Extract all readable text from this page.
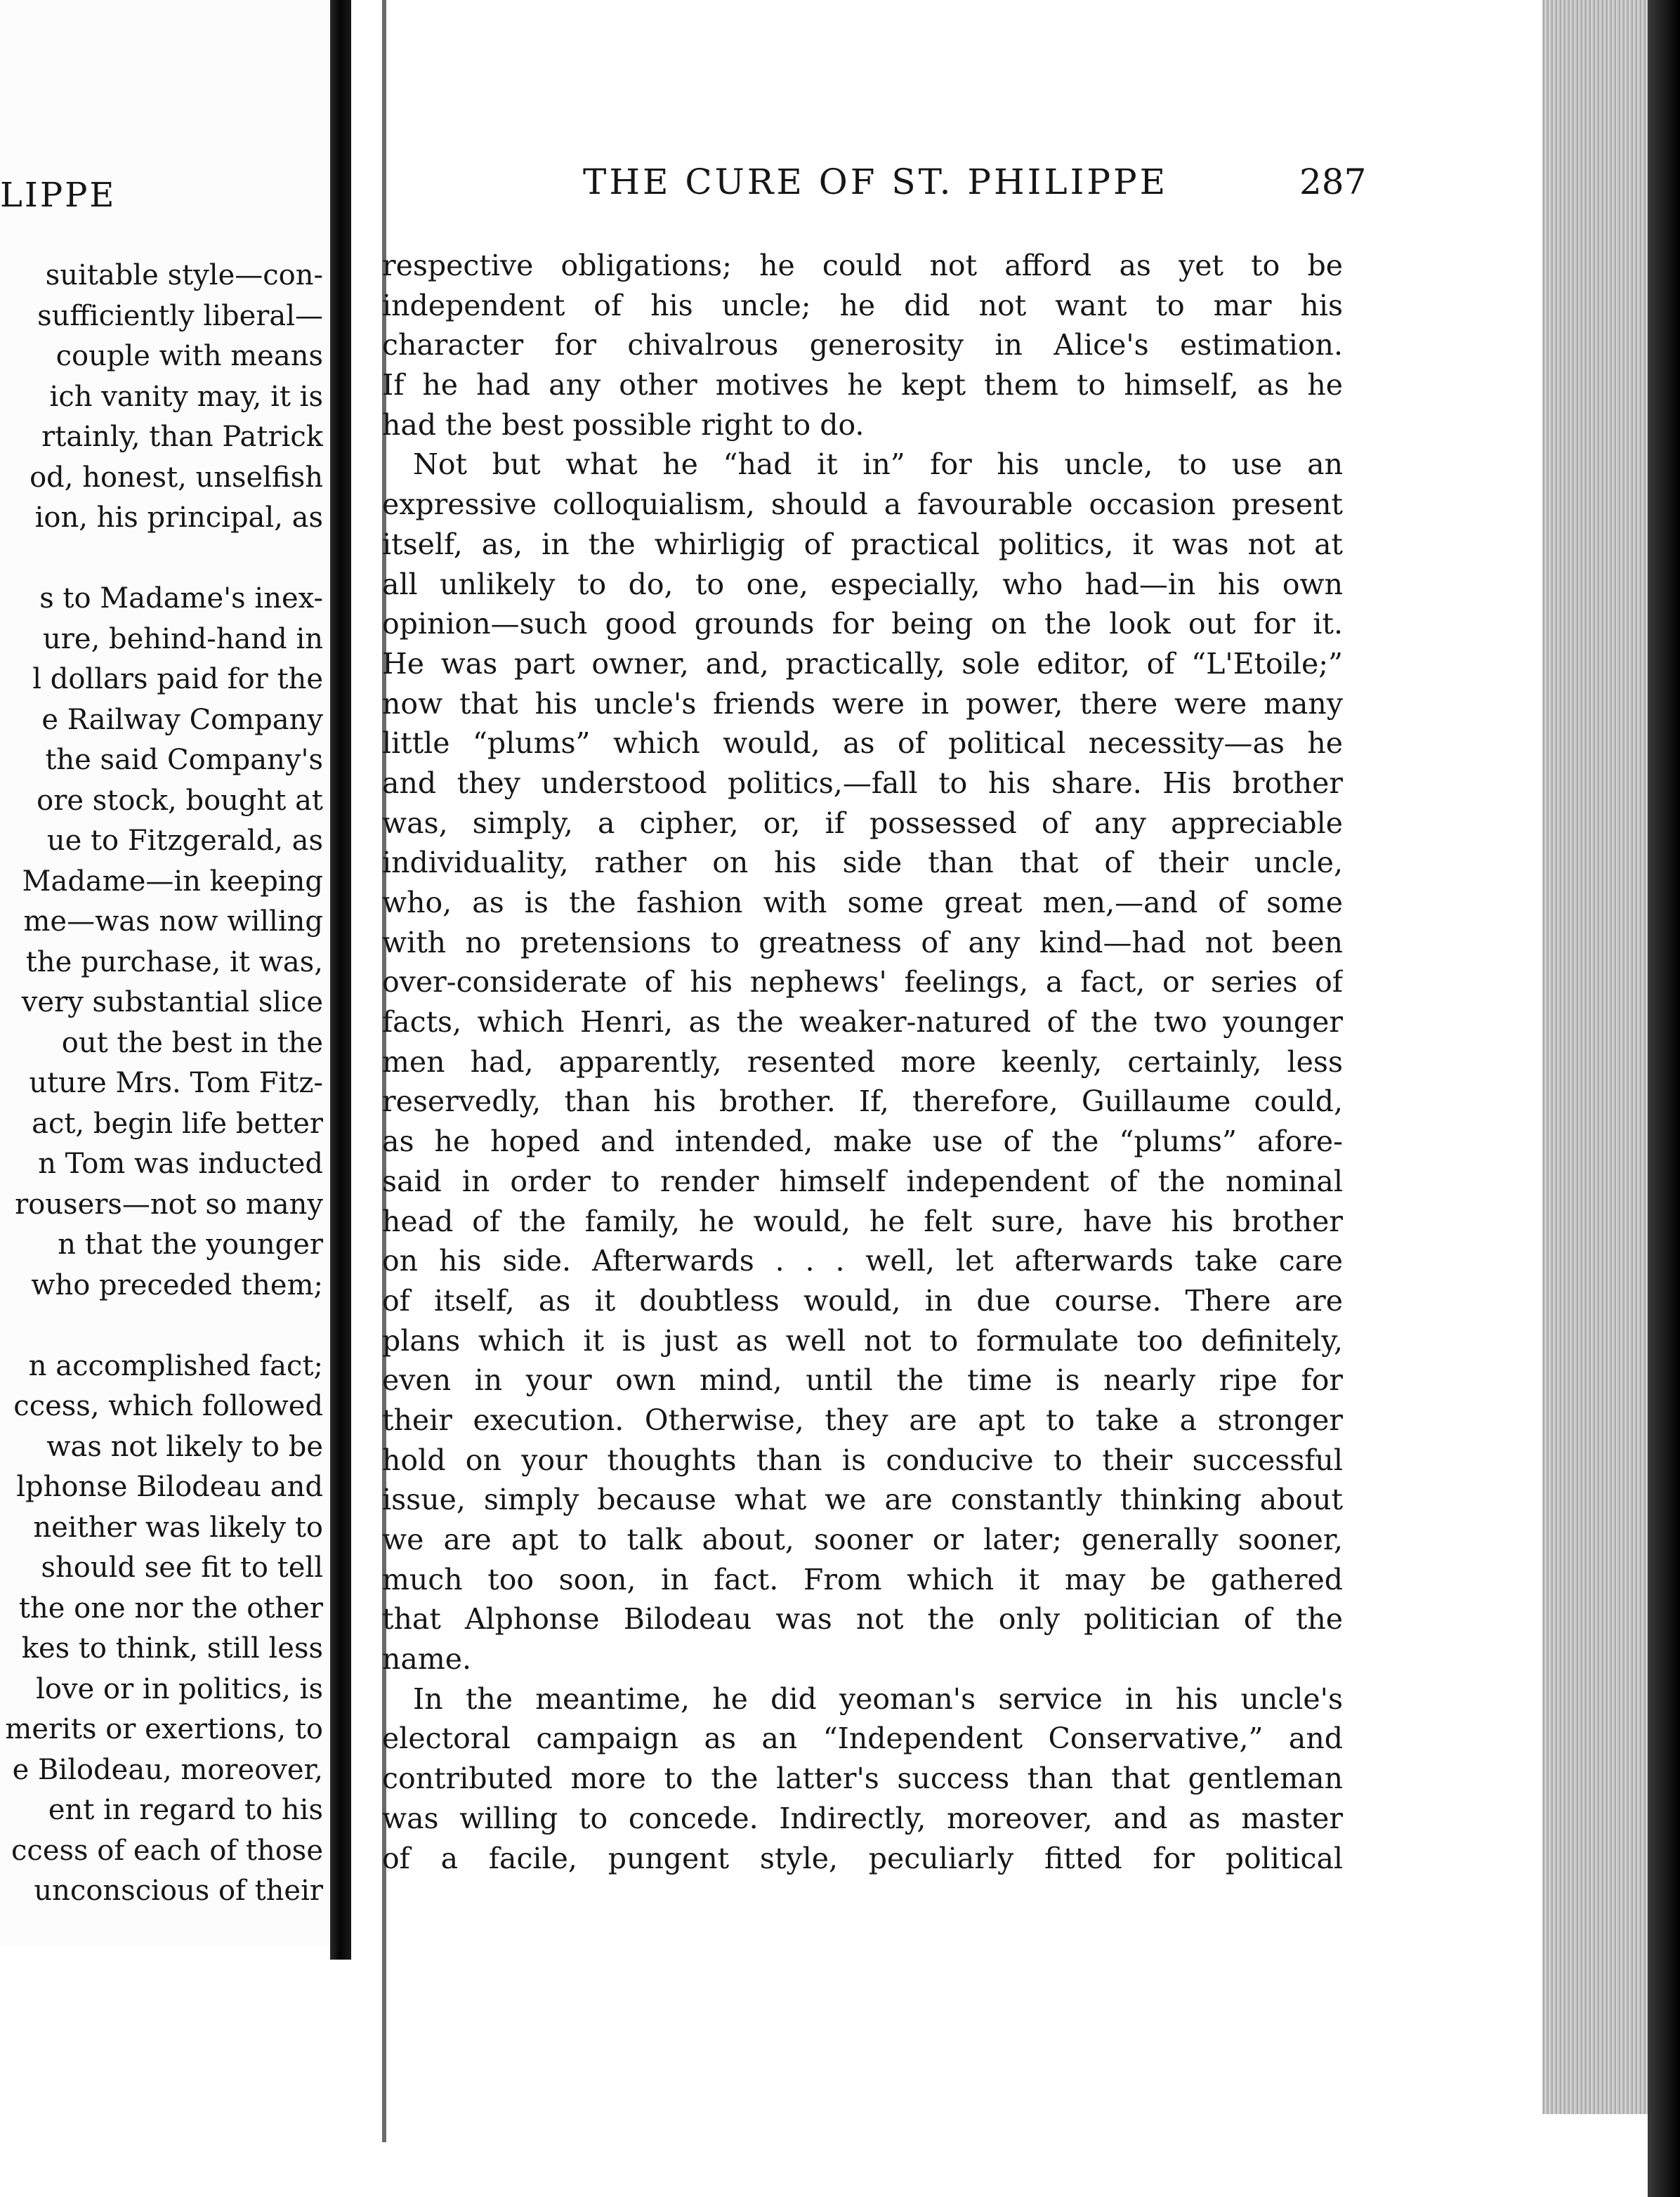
LIPPE
suitable style—con-
sufficiently liberal—
couple with means
ich vanity may, it is
rtainly, than Patrick
od, honest, unselfish
ion, his principal, as
s to Madame's inex-
ure, behind-hand in
l dollars paid for the
e Railway Company
the said Company's
ore stock, bought at
ue to Fitzgerald, as
Madame—in keeping
me—was now willing
the purchase, it was,
very substantial slice
out the best in the
uture Mrs. Tom Fitz-
act, begin life better
n Tom was inducted
rousers—not so many
n that the younger
who preceded them;
n accomplished fact;
ccess, which followed
was not likely to be
lphonse Bilodeau and
neither was likely to
should see fit to tell
the one nor the other
kes to think, still less
love or in politics, is
merits or exertions, to
e Bilodeau, moreover,
ent in regard to his
ccess of each of those
unconscious of their
THE CURE OF ST. PHILIPPE	287
respective obligations; he could not afford as yet to be
independent of his uncle; he did not want to mar his
character for chivalrous generosity in Alice's estimation.
If he had any other motives he kept them to himself, as he
had the best possible right to do.
Not but what he “had it in” for his uncle, to use an
expressive colloquialism, should a favourable occasion present
itself, as, in the whirligig of practical politics, it was not at
all unlikely to do, to one, especially, who had—in his own
opinion—such good grounds for being on the look out for it.
He was part owner, and, practically, sole editor, of “L'Etoile;”
now that his uncle's friends were in power, there were many
little “plums” which would, as of political necessity—as he
and they understood politics,—fall to his share. His brother
was, simply, a cipher, or, if possessed of any appreciable
individuality, rather on his side than that of their uncle,
who, as is the fashion with some great men,—and of some
with no pretensions to greatness of any kind—had not been
over-considerate of his nephews' feelings, a fact, or series of
facts, which Henri, as the weaker-natured of the two younger
men had, apparently, resented more keenly, certainly, less
reservedly, than his brother. If, therefore, Guillaume could,
as he hoped and intended, make use of the “plums” afore-
said in order to render himself independent of the nominal
head of the family, he would, he felt sure, have his brother
on his side. Afterwards . . . well, let afterwards take care
of itself, as it doubtless would, in due course. There are
plans which it is just as well not to formulate too definitely,
even in your own mind, until the time is nearly ripe for
their execution. Otherwise, they are apt to take a stronger
hold on your thoughts than is conducive to their successful
issue, simply because what we are constantly thinking about
we are apt to talk about, sooner or later; generally sooner,
much too soon, in fact. From which it may be gathered
that Alphonse Bilodeau was not the only politician of the
name.
In the meantime, he did yeoman's service in his uncle's
electoral campaign as an “Independent Conservative,” and
contributed more to the latter's success than that gentleman
was willing to concede. Indirectly, moreover, and as master
of a facile, pungent style, peculiarly fitted for political
